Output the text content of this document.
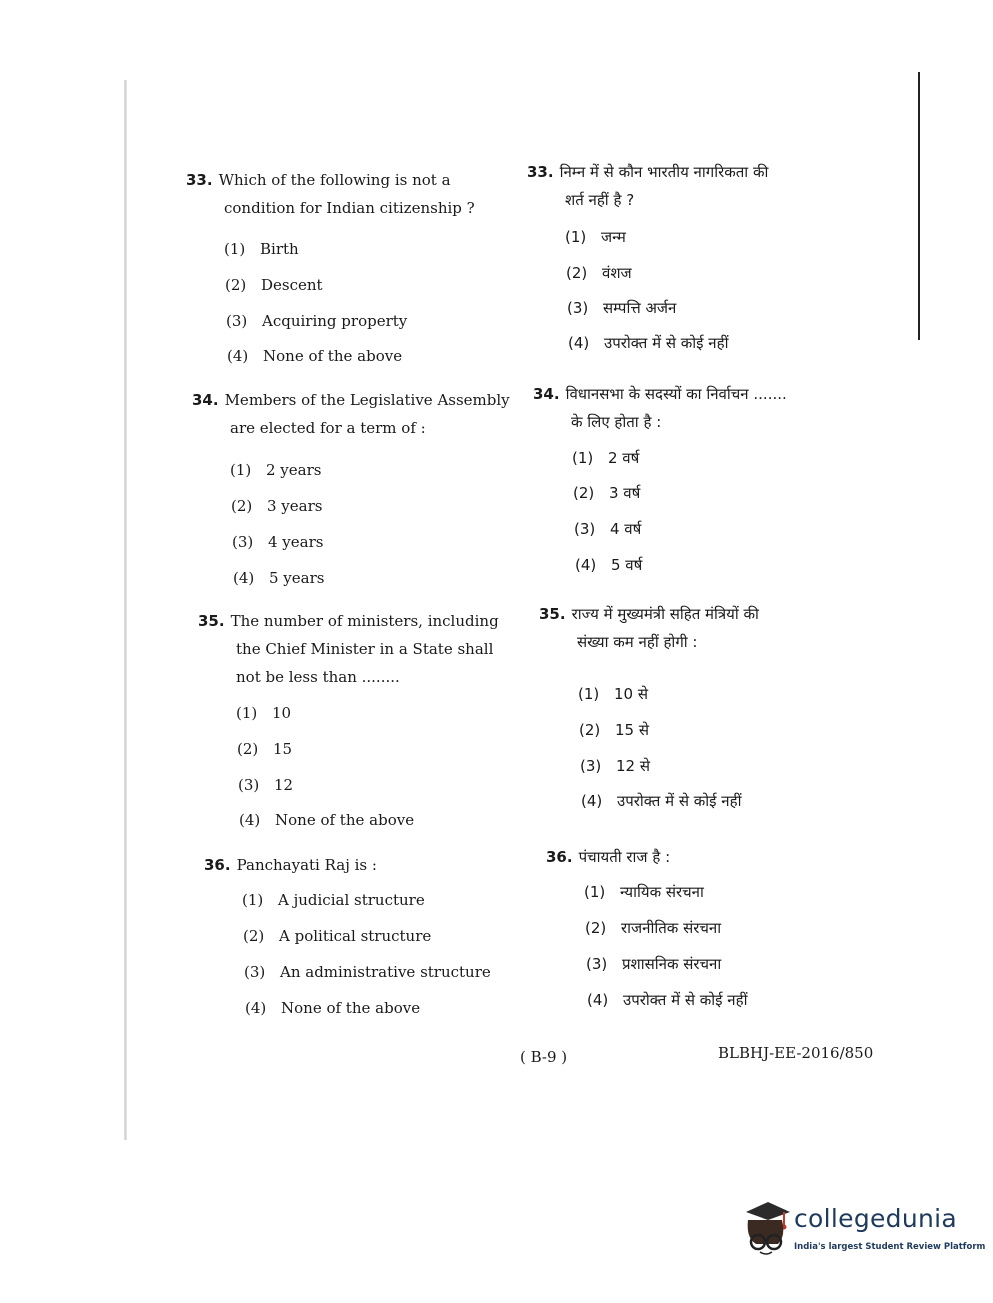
33. Which of the following is not a
condition for Indian citizenship ?
(1) Birth
(2) Descent
(3) Acquiring property
(4) None of the above
34. Members of the Legislative Assembly
are elected for a term of :
(1) 2 years
(2) 3 years
(3) 4 years
(4) 5 years
35. The number of ministers, including
the Chief Minister in a State shall
not be less than ........
(1) 10
(2) 15
(3) 12
(4) None of the above
36. Panchayati Raj is :
(1) A judicial structure
(2) A political structure
(3) An administrative structure
(4) None of the above
33. निम्न में से कौन भारतीय नागरिकता की
शर्त नहीं है ?
(1) जन्म
(2) वंशज
(3) सम्पत्ति अर्जन
(4) उपरोक्त में से कोई नहीं
34. विधानसभा के सदस्यों का निर्वाचन .......
के लिए होता है :
(1) 2 वर्ष
(2) 3 वर्ष
(3) 4 वर्ष
(4) 5 वर्ष
35. राज्य में मुख्यमंत्री सहित मंत्रियों की
संख्या कम नहीं होगी :
(1) 10 से
(2) 15 से
(3) 12 से
(4) उपरोक्त में से कोई नहीं
36. पंचायती राज है :
(1) न्यायिक संरचना
(2) राजनीतिक संरचना
(3) प्रशासनिक संरचना
(4) उपरोक्त में से कोई नहीं
( B-9 )	BLBHJ-EE-2016/850
collegedunia
India's largest Student Review Platform
